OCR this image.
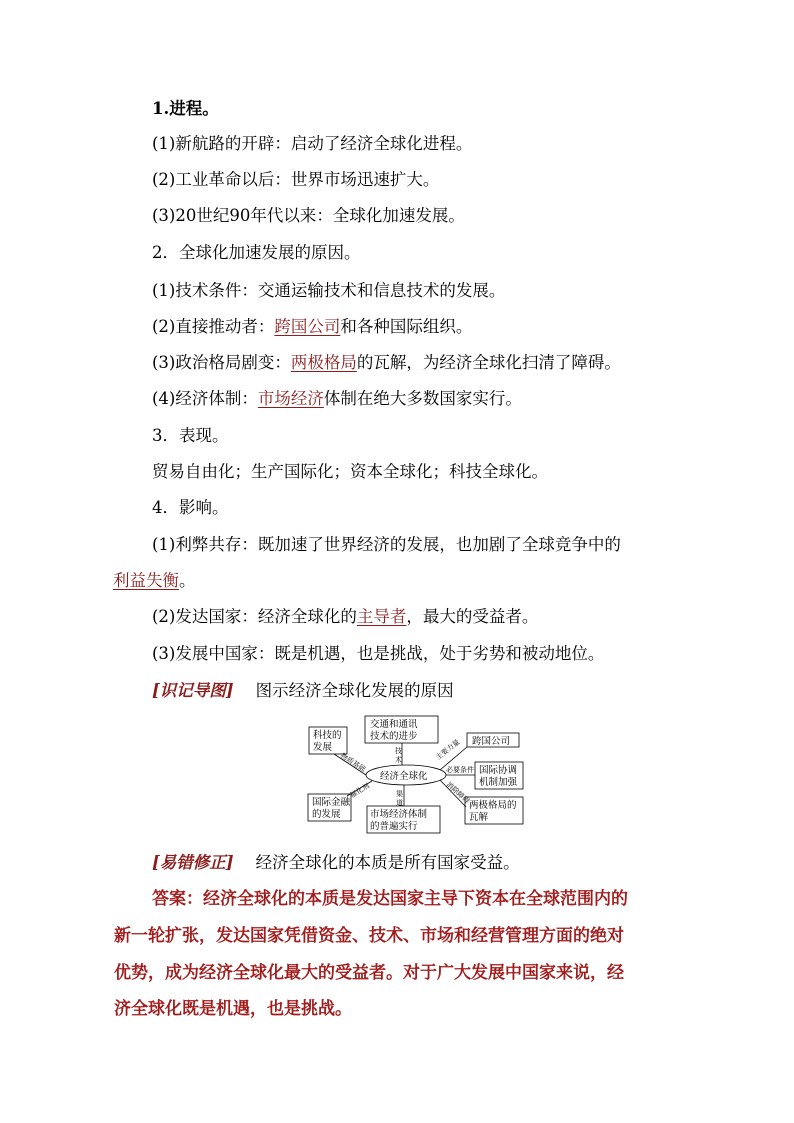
1.进程。
(1)新航路的开辟：启动了经济全球化进程。
(2)工业革命以后：世界市场迅速扩大。
(3)20世纪90年代以来：全球化加速发展。
2．全球化加速发展的原因。
(1)技术条件：交通运输技术和信息技术的发展。
(2)直接推动者：跨国公司和各种国际组织。
(3)政治格局剧变：两极格局的瓦解，为经济全球化扫清了障碍。
(4)经济体制：市场经济体制在绝大多数国家实行。
3．表现。
贸易自由化；生产国际化；资本全球化；科技全球化。
4．影响。
(1)利弊共存：既加速了世界经济的发展，也加剧了全球竞争中的
利益失衡。
(2)发达国家：经济全球化的主导者，最大的受益者。
(3)发展中国家：既是机遇，也是挑战，处于劣势和被动地位。
[识记导图] 图示经济全球化发展的原因
科技的
发展
交通和通讯
技术的进步	跨国公司
国际协调
机制加强
两极格局的
瓦解
市场经济体制
的普遍实行
国际金融
的发展
经济全球化
技
术	主要力量
必要条件
消除障碍
渠
道
催化剂
物质基础
[易错修正] 经济全球化的本质是所有国家受益。
答案：经济全球化的本质是发达国家主导下资本在全球范围内的
新一轮扩张，发达国家凭借资金、技术、市场和经营管理方面的绝对
优势，成为经济全球化最大的受益者。对于广大发展中国家来说，经
济全球化既是机遇，也是挑战。
